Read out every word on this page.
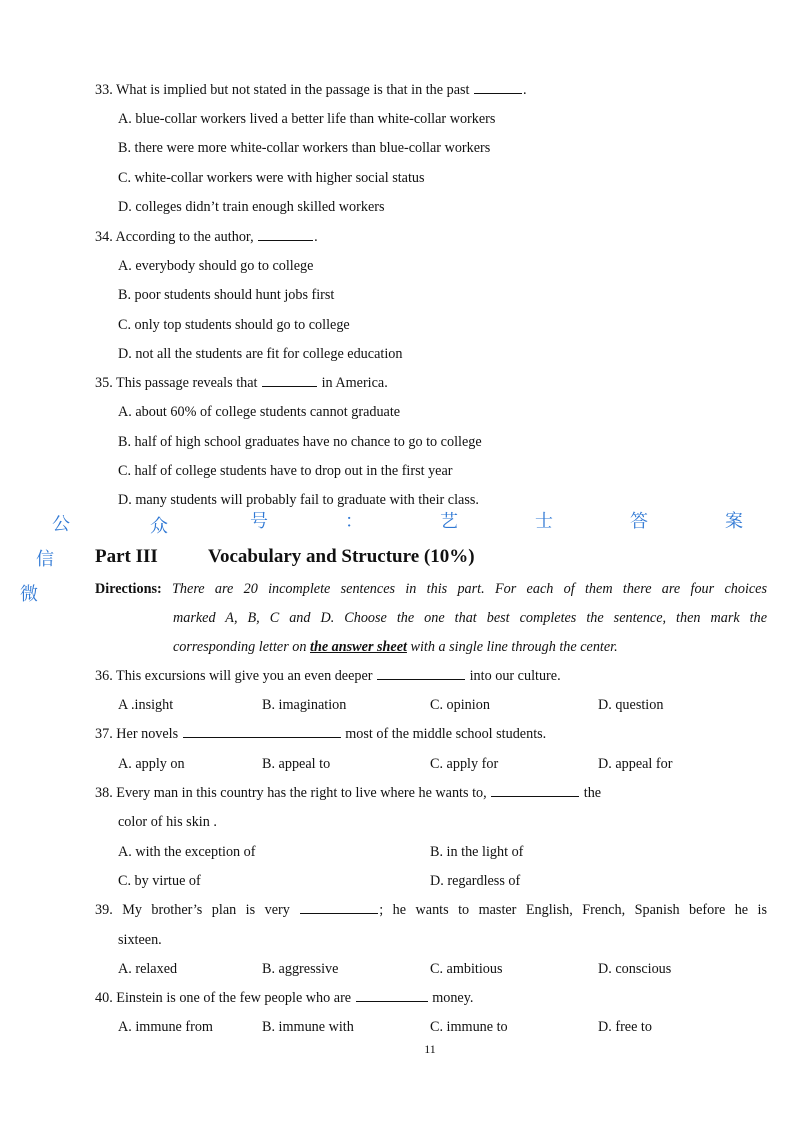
33. What is implied but not stated in the passage is that in the past	.
A. blue-collar workers lived a better life than white-collar workers
B. there were more white-collar workers than blue-collar workers
C. white-collar workers were with higher social status
D. colleges didn’t train enough skilled workers
34. According to the author,	.
A. everybody should go to college
B. poor students should hunt jobs first
C. only top students should go to college
D. not all the students are fit for college education
35. This passage reveals that	in America.
A. about 60% of college students cannot graduate
B. half of high school graduates have no chance to go to college
C. half of college students have to drop out in the first year
D. many students will probably fail to graduate with their class.
Part III	Vocabulary and Structure (10%)
Directions: There are 20 incomplete sentences in this part. For each of them there are four choices
marked A, B, C and D. Choose the one that best completes the sentence, then mark the
corresponding letter on the answer sheet with a single line through the center.
36. This excursions will give you an even deeper	into our culture.
A .insight	B. imagination	C. opinion	D. question
37. Her novels	most of the middle school students.
A. apply on	B. appeal to	C. apply for	D. appeal for
38. Every man in this country has the right to live where he wants to,	the
color of his skin .
A. with the exception of	B. in the light of
C. by virtue of	D. regardless of
39. My brother’s plan is very	; he wants to master English, French, Spanish before he is
sixteen.
A. relaxed	B. aggressive	C. ambitious	D. conscious
40. Einstein is one of the few people who are	money.
A. immune from	B. immune with	C. immune to	D. free to
11
微
信
公	众	号	：	艺	士	答	案
